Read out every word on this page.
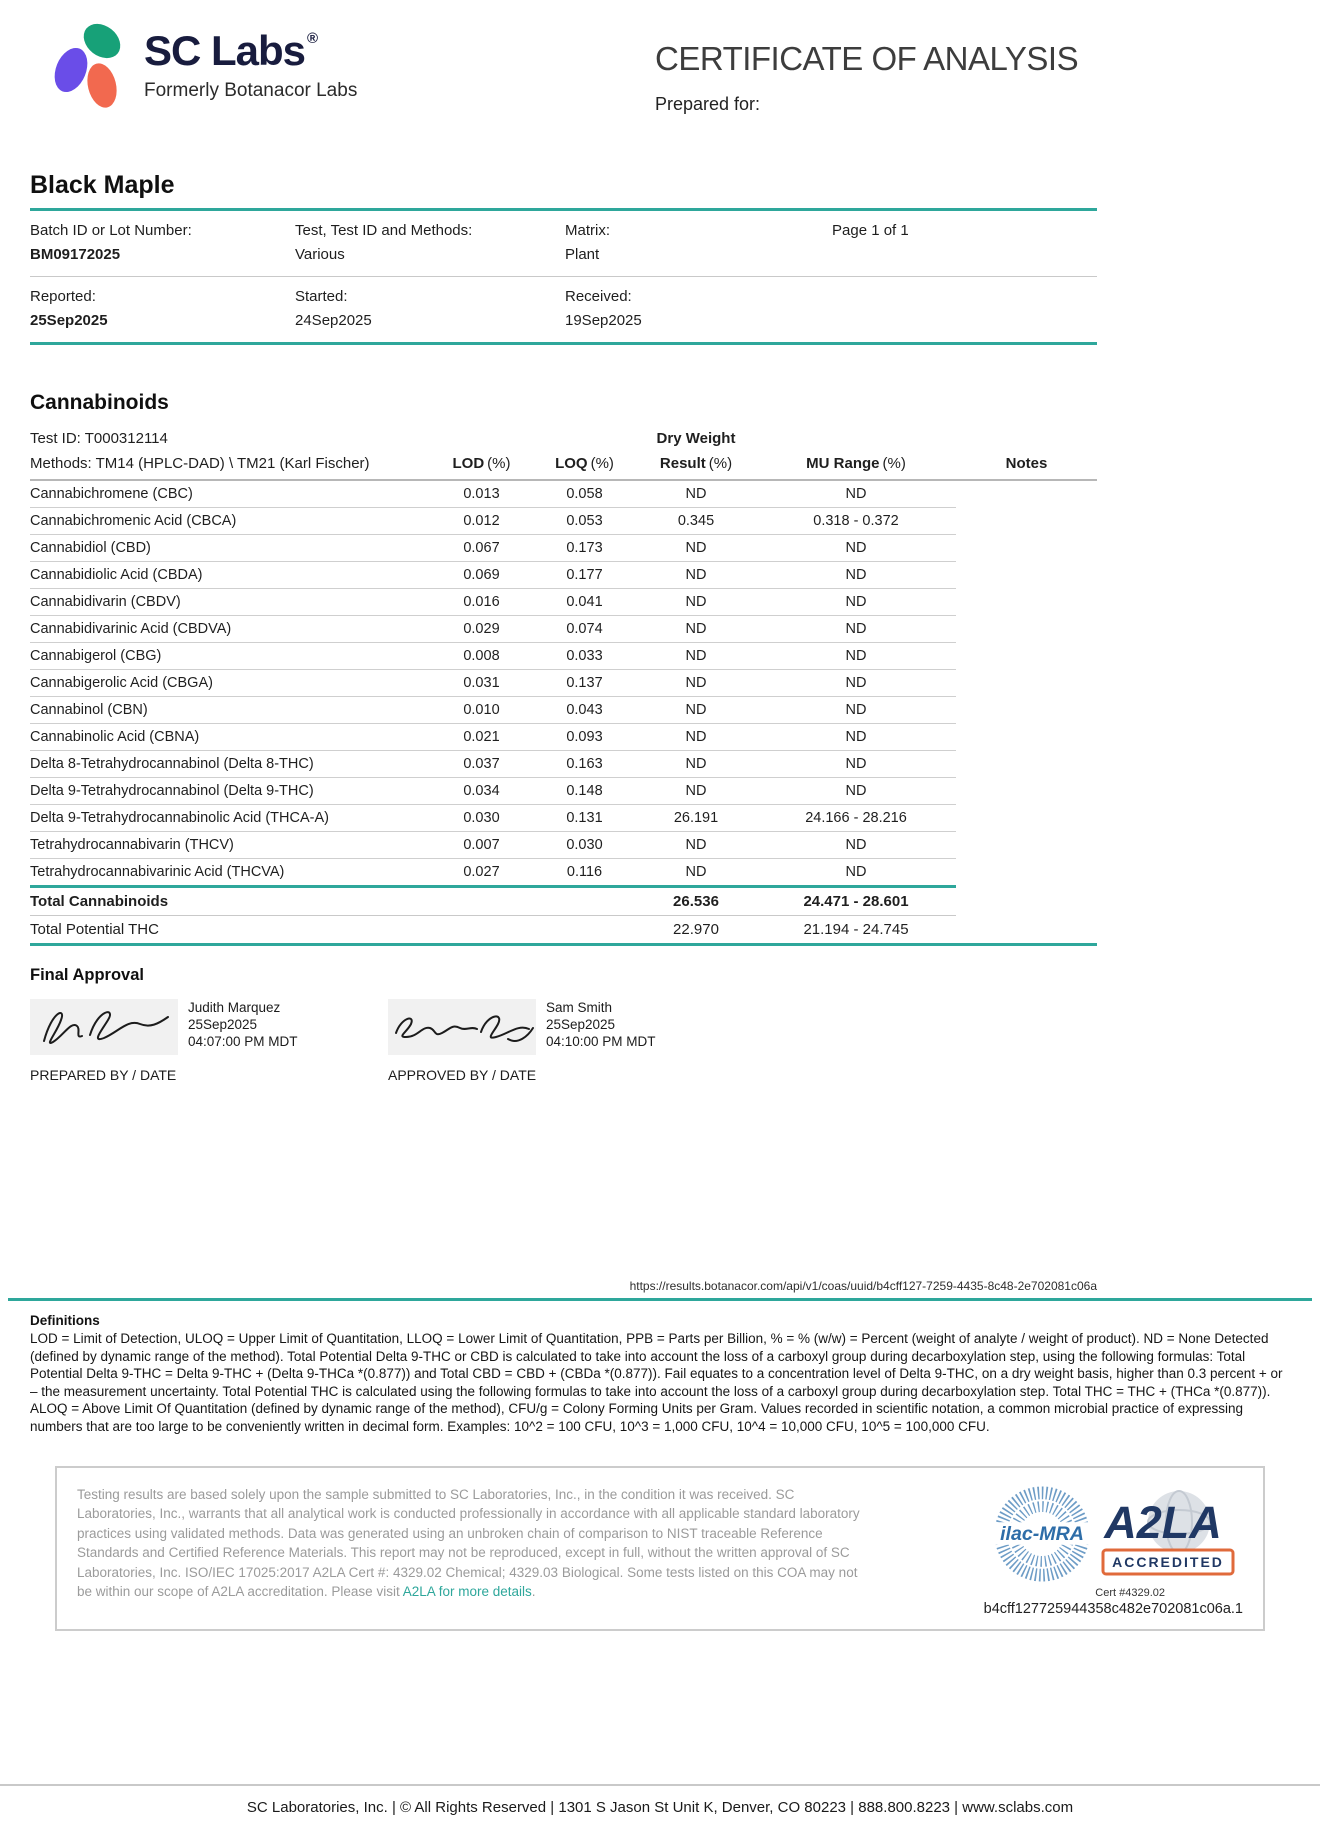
SC Labs ®
Formerly Botanacor Labs
CERTIFICATE OF ANALYSIS
Prepared for:
Black Maple
Batch ID or Lot Number:
BM09172025
Test, Test ID and Methods:
Various
Matrix:
Plant
Page 1 of 1
Reported:
25Sep2025
Started:
24Sep2025
Received:
19Sep2025
Cannabinoids
Test ID: T000312114			Dry Weight		
Methods: TM14 (HPLC-DAD) \ TM21 (Karl Fischer)	LOD (%)	LOQ (%)	Result (%)	MU Range (%)	Notes
Cannabichromene (CBC)	0.013	0.058	ND	ND	
Cannabichromenic Acid (CBCA)	0.012	0.053	0.345	0.318 - 0.372	
Cannabidiol (CBD)	0.067	0.173	ND	ND	
Cannabidiolic Acid (CBDA)	0.069	0.177	ND	ND	
Cannabidivarin (CBDV)	0.016	0.041	ND	ND	
Cannabidivarinic Acid (CBDVA)	0.029	0.074	ND	ND	
Cannabigerol (CBG)	0.008	0.033	ND	ND	
Cannabigerolic Acid (CBGA)	0.031	0.137	ND	ND	
Cannabinol (CBN)	0.010	0.043	ND	ND	
Cannabinolic Acid (CBNA)	0.021	0.093	ND	ND	
Delta 8-Tetrahydrocannabinol (Delta 8-THC)	0.037	0.163	ND	ND	
Delta 9-Tetrahydrocannabinol (Delta 9-THC)	0.034	0.148	ND	ND	
Delta 9-Tetrahydrocannabinolic Acid (THCA-A)	0.030	0.131	26.191	24.166 - 28.216	
Tetrahydrocannabivarin (THCV)	0.007	0.030	ND	ND	
Tetrahydrocannabivarinic Acid (THCVA)	0.027	0.116	ND	ND	
Total Cannabinoids			26.536	24.471 - 28.601	
Total Potential THC			22.970	21.194 - 24.745	
Final Approval
Judith Marquez
25Sep2025
04:07:00 PM MDT
PREPARED BY / DATE
Sam Smith
25Sep2025
04:10:00 PM MDT
APPROVED BY / DATE
https://results.botanacor.com/api/v1/coas/uuid/b4cff127-7259-4435-8c48-2e702081c06a
Definitions

LOD = Limit of Detection, ULOQ = Upper Limit of Quantitation, LLOQ = Lower Limit of Quantitation, PPB = Parts per Billion, % = % (w/w) = Percent (weight of analyte / weight of product). ND = None Detected (defined by dynamic range of the method). Total Potential Delta 9-THC or CBD is calculated to take into account the loss of a carboxyl group during decarboxylation step, using the following formulas: Total Potential Delta 9-THC = Delta 9-THC + (Delta 9-THCa *(0.877)) and Total CBD = CBD + (CBDa *(0.877)). Fail equates to a concentration level of Delta 9-THC, on a dry weight basis, higher than 0.3 percent + or – the measurement uncertainty. Total Potential THC is calculated using the following formulas to take into account the loss of a carboxyl group during decarboxylation step. Total THC = THC + (THCa *(0.877)). ALOQ = Above Limit Of Quantitation (defined by dynamic range of the method), CFU/g = Colony Forming Units per Gram. Values recorded in scientific notation, a common microbial practice of expressing numbers that are too large to be conveniently written in decimal form. Examples: 10^2 = 100 CFU, 10^3 = 1,000 CFU, 10^4 = 10,000 CFU, 10^5 = 100,000 CFU.

Testing results are based solely upon the sample submitted to SC Laboratories, Inc., in the condition it was received. SC Laboratories, Inc., warrants that all analytical work is conducted professionally in accordance with all applicable standard laboratory practices using validated methods. Data was generated using an unbroken chain of comparison to NIST traceable Reference Standards and Certified Reference Materials. This report may not be reproduced, except in full, without the written approval of SC Laboratories, Inc. ISO/IEC 17025:2017 A2LA Cert #: 4329.02 Chemical; 4329.03 Biological. Some tests listed on this COA may not be within our scope of A2LA accreditation. Please visit A2LA for more details.

ilac-MRA A2LA
ACCREDITED
Cert #4329.02
b4cff127725944358c482e702081c06a.1
SC Laboratories, Inc. | © All Rights Reserved | 1301 S Jason St Unit K, Denver, CO 80223 | 888.800.8223 | www.sclabs.com
